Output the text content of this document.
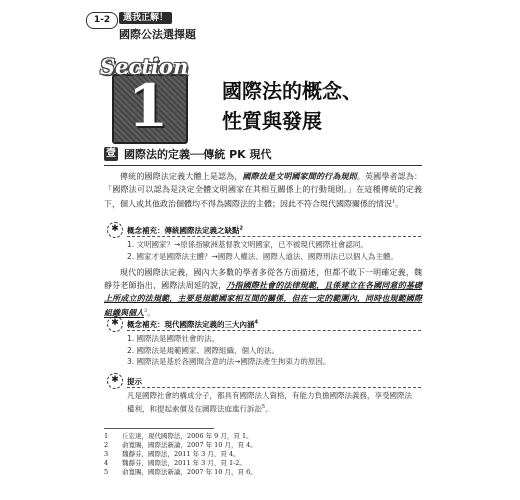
1-2	選我正解！
國際公法選擇題
1
Section
國際法的概念、
性質與發展
壹 國際法的定義──傳統 PK 現代

傳統的國際法定義大體上是認為，國際法是文明國家間的行為規則。英國學者認為：「國際法可以認為是決定全體文明國家在其相互關係上的行動規則。」在這種傳統的定義下，個人或其他政治個體均不得為國際法的主體；因此不符合現代國際關係的情況$^1$。

✱	概念補充：傳統國際法定義之缺點$^2$
1. 文明國家？→原係指歐洲基督教文明國家，已不被現代國際社會認同。
2. 國家才是國際法主體？→國際人權法、國際人道法、國際刑法已以個人為主體。

現代的國際法定義，國內大多數的學者多從各方面描述，但都不敢下一明確定義，魏靜芬老師指出，國際法周延的說，乃指國際社會的法律規範，且係建立在各國同意的基礎上所成立的法規範，主要是規範國家相互間的關係，但在一定的範圍內，同時也規範國際組織與個人$^3$。

✱	概念補充：現代國際法定義的三大內涵$^4$
1. 國際法是國際社會的法。
2. 國際法是規範國家、國際組織、個人的法。
3. 國際法是基於各國間合意的法→國際法產生拘束力的原因。
✱	提示

凡是國際社會的構成分子，都具有國際法人資格，有能力負擔國際法義務，享受國際法權利，和提起索償及在國際法庭進行訴訟$^5$。

1 丘宏達，現代國際法，2006 年 9 月，頁 1。
2 俞寬賜，國際法新論，2007 年 10 月，頁 4。
3 魏靜芬，國際法，2011 年 3 月，頁 4。
4 魏靜芬，國際法，2011 年 3 月，頁 1-2。
5 俞寬賜，國際法新論，2007 年 10 月，頁 6。
